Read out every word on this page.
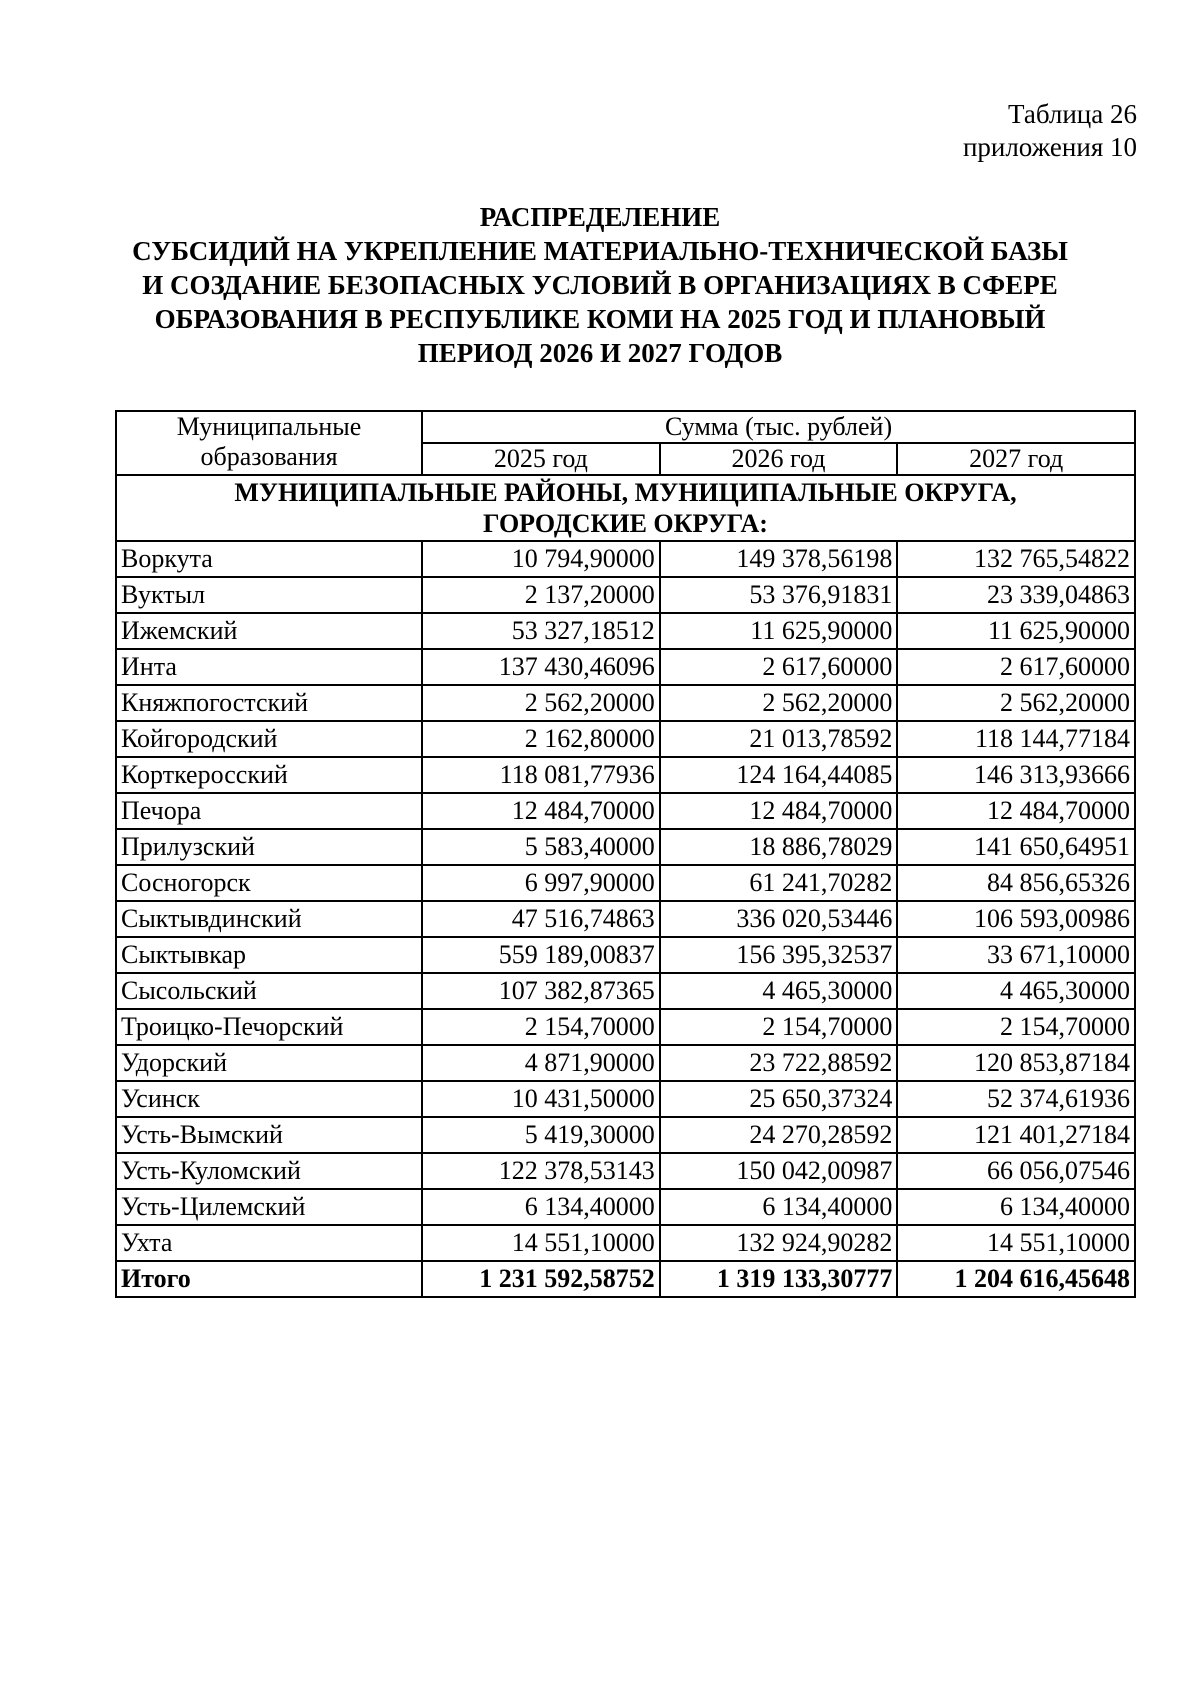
Таблица 26
приложения 10
РАСПРЕДЕЛЕНИЕ
СУБСИДИЙ НА УКРЕПЛЕНИЕ МАТЕРИАЛЬНО-ТЕХНИЧЕСКОЙ БАЗЫ
И СОЗДАНИЕ БЕЗОПАСНЫХ УСЛОВИЙ В ОРГАНИЗАЦИЯХ В СФЕРЕ
ОБРАЗОВАНИЯ В РЕСПУБЛИКЕ КОМИ НА 2025 ГОД И ПЛАНОВЫЙ
ПЕРИОД 2026 И 2027 ГОДОВ
Муниципальные
образования	Сумма (тыс. рублей)		
	2025 год	2026 год	2027 год

МУНИЦИПАЛЬНЫЕ РАЙОНЫ, МУНИЦИПАЛЬНЫЕ ОКРУГА,
ГОРОДСКИЕ ОКРУГА:			

Воркута	10 794,90000	149 378,56198	132 765,54822
Вуктыл	2 137,20000	53 376,91831	23 339,04863
Ижемский	53 327,18512	11 625,90000	11 625,90000
Инта	137 430,46096	2 617,60000	2 617,60000
Княжпогостский	2 562,20000	2 562,20000	2 562,20000
Койгородский	2 162,80000	21 013,78592	118 144,77184
Корткеросский	118 081,77936	124 164,44085	146 313,93666
Печора	12 484,70000	12 484,70000	12 484,70000
Прилузский	5 583,40000	18 886,78029	141 650,64951
Сосногорск	6 997,90000	61 241,70282	84 856,65326
Сыктывдинский	47 516,74863	336 020,53446	106 593,00986
Сыктывкар	559 189,00837	156 395,32537	33 671,10000
Сысольский	107 382,87365	4 465,30000	4 465,30000
Троицко-Печорский	2 154,70000	2 154,70000	2 154,70000
Удорский	4 871,90000	23 722,88592	120 853,87184
Усинск	10 431,50000	25 650,37324	52 374,61936
Усть-Вымский	5 419,30000	24 270,28592	121 401,27184
Усть-Куломский	122 378,53143	150 042,00987	66 056,07546
Усть-Цилемский	6 134,40000	6 134,40000	6 134,40000
Ухта	14 551,10000	132 924,90282	14 551,10000
Итого	1 231 592,58752	1 319 133,30777	1 204 616,45648
